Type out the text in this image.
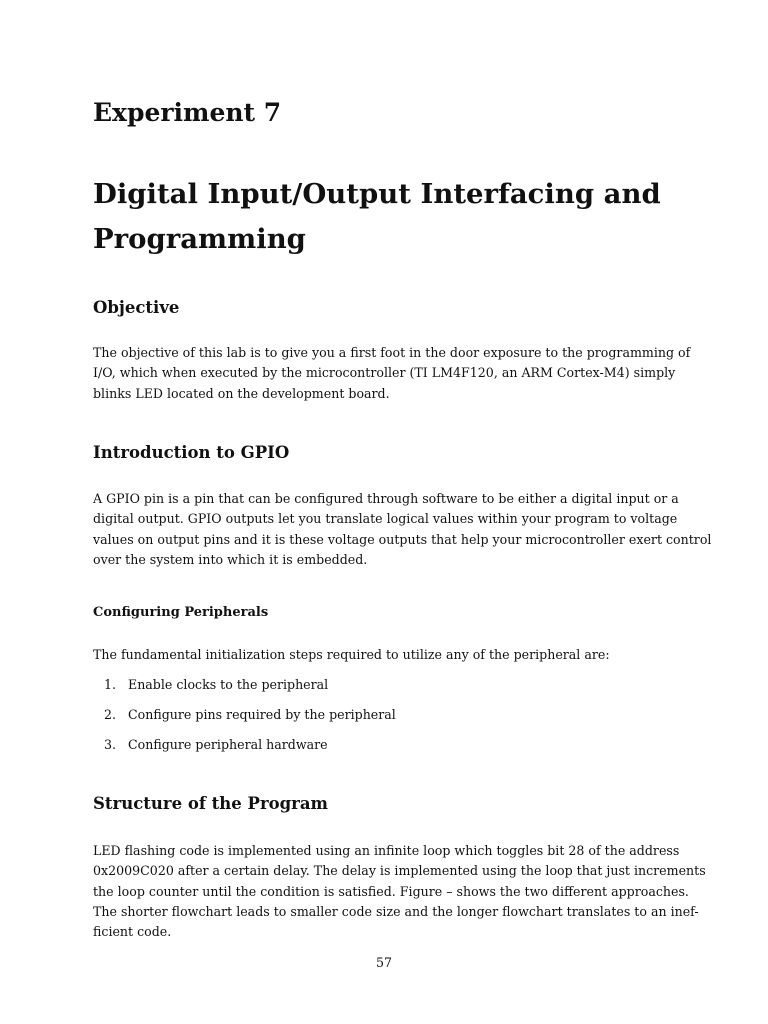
Experiment 7
Digital Input/Output Interfacing and Programming
Objective

The objective of this lab is to give you a first foot in the door exposure to the programming of
I/O, which when executed by the microcontroller (TI LM4F120, an ARM Cortex-M4) simply
blinks LED located on the development board.

Introduction to GPIO

A GPIO pin is a pin that can be configured through software to be either a digital input or a
digital output. GPIO outputs let you translate logical values within your program to voltage
values on output pins and it is these voltage outputs that help your microcontroller exert control
over the system into which it is embedded.

Configuring Peripherals

The fundamental initialization steps required to utilize any of the peripheral are:

1. Enable clocks to the peripheral
2. Configure pins required by the peripheral
3. Configure peripheral hardware
Structure of the Program

LED flashing code is implemented using an infinite loop which toggles bit 28 of the address
0x2009C020 after a certain delay. The delay is implemented using the loop that just increments
the loop counter until the condition is satisfied. Figure – shows the two different approaches.
The shorter flowchart leads to smaller code size and the longer flowchart translates to an inef-
ficient code.

57
